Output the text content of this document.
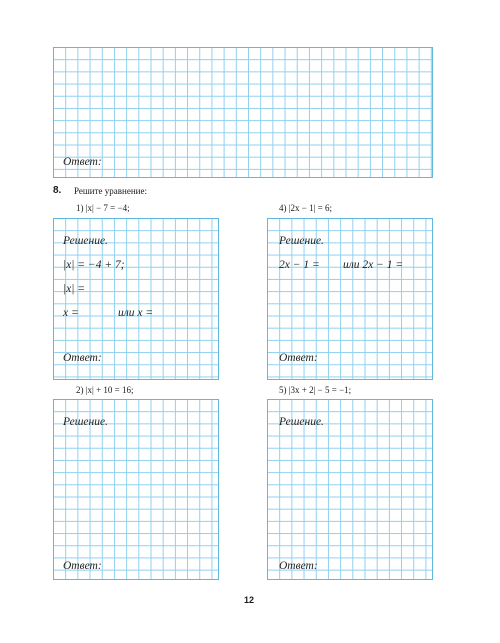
Ответ:
8. Решите уравнение:
1) |x| − 7 = −4;	4) |2x − 1| = 6;
Решение.
|x| = −4 + 7;
|x| =
x =	или x =
Ответ:
Решение.
2x − 1 = или 2x − 1 =
Ответ:
2) |x| + 10 = 16;	5) |3x + 2| − 5 = −1;
Решение.
Ответ:
Решение.
Ответ:
12
